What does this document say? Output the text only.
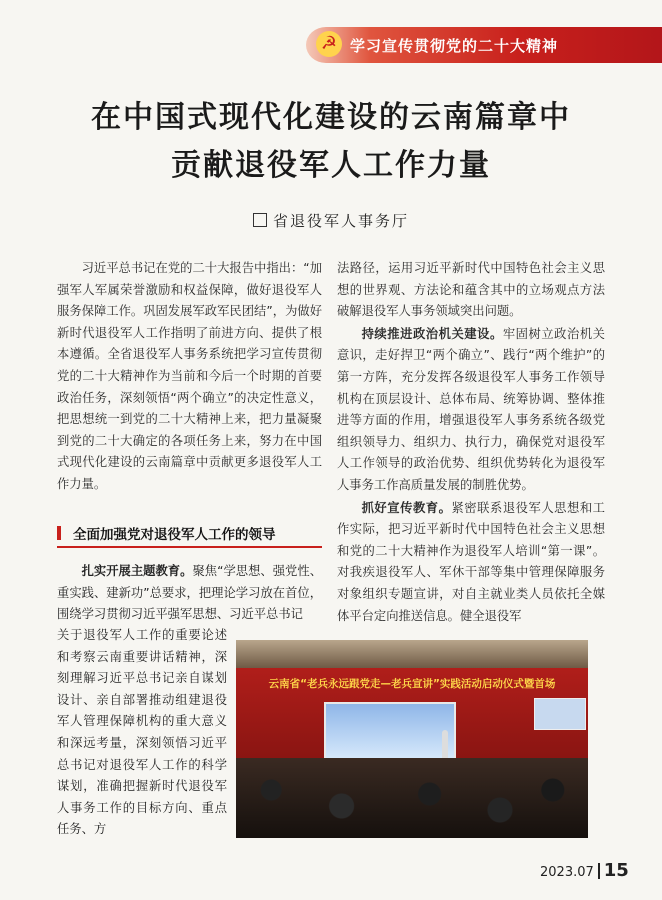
☭ 学习宣传贯彻党的二十大精神
在中国式现代化建设的云南篇章中
贡献退役军人工作力量
省退役军人事务厅

习近平总书记在党的二十大报告中指出：“加强军人军属荣誉激励和权益保障，做好退役军人服务保障工作。巩固发展军政军民团结”，为做好新时代退役军人工作指明了前进方向、提供了根本遵循。全省退役军人事务系统把学习宣传贯彻党的二十大精神作为当前和今后一个时期的首要政治任务，深刻领悟“两个确立”的决定性意义，把思想统一到党的二十大精神上来，把力量凝聚到党的二十大确定的各项任务上来，努力在中国式现代化建设的云南篇章中贡献更多退役军人工作力量。

全面加强党对退役军人工作的领导

扎实开展主题教育。聚焦“学思想、强党性、重实践、建新功”总要求，把理论学习放在首位，围绕学习贯彻习近平强军思想、习近平总书记

关于退役军人工作的重要论述和考察云南重要讲话精神，深刻理解习近平总书记亲自谋划设计、亲自部署推动组建退役军人管理保障机构的重大意义和深远考量，深刻领悟习近平总书记对退役军人工作的科学谋划，准确把握新时代退役军人事务工作的目标方向、重点任务、方

法路径，运用习近平新时代中国特色社会主义思想的世界观、方法论和蕴含其中的立场观点方法破解退役军人事务领域突出问题。

持续推进政治机关建设。牢固树立政治机关意识，走好捍卫“两个确立”、践行“两个维护”的第一方阵，充分发挥各级退役军人事务工作领导机构在顶层设计、总体布局、统筹协调、整体推进等方面的作用，增强退役军人事务系统各级党组织领导力、组织力、执行力，确保党对退役军人工作领导的政治优势、组织优势转化为退役军人事务工作高质量发展的制胜优势。

抓好宣传教育。紧密联系退役军人思想和工作实际，把习近平新时代中国特色社会主义思想和党的二十大精神作为退役军人培训“第一课”。对我疾退役军人、军休干部等集中管理保障服务对象组织专题宣讲，对自主就业类人员依托全媒体平台定向推送信息。健全退役军

云南省“老兵永远跟党走—老兵宣讲”实践活动启动仪式暨首场
2023.07 15
